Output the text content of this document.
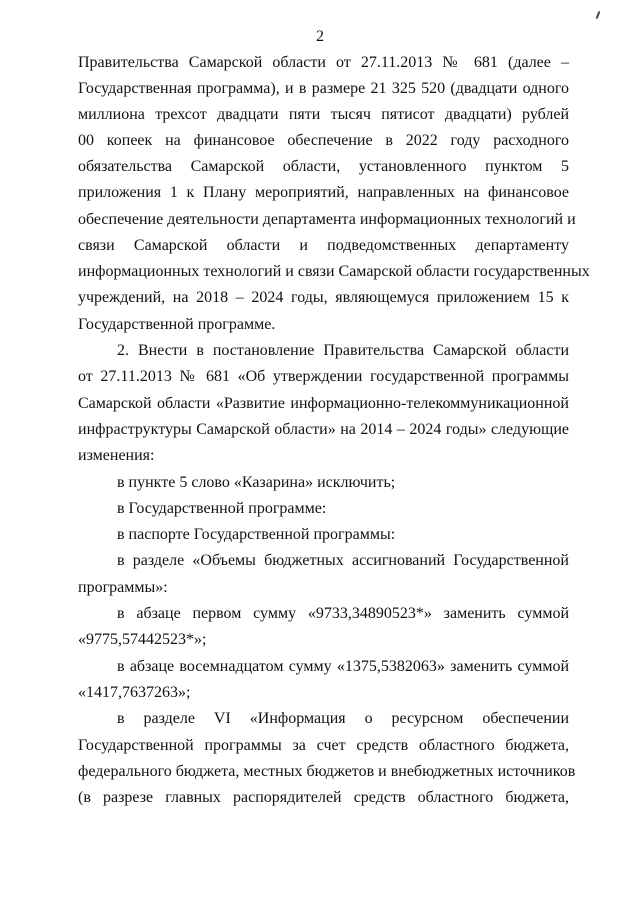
2
Правительства Самарской области от 27.11.2013 № 681 (далее –
Государственная программа), и в размере 21 325 520 (двадцати одного
миллиона трехсот двадцати пяти тысяч пятисот двадцати) рублей
00 копеек на финансовое обеспечение в 2022 году расходного
обязательства Самарской области, установленного пунктом 5
приложения 1 к Плану мероприятий, направленных на финансовое
обеспечение деятельности департамента информационных технологий и
связи Самарской области и подведомственных департаменту
информационных технологий и связи Самарской области государственных
учреждений, на 2018 – 2024 годы, являющемуся приложением 15 к
Государственной программе.
2. Внести в постановление Правительства Самарской области
от 27.11.2013 № 681 «Об утверждении государственной программы
Самарской области «Развитие информационно-телекоммуникационной
инфраструктуры Самарской области» на 2014 – 2024 годы» следующие
изменения:
в пункте 5 слово «Казарина» исключить;
в Государственной программе:
в паспорте Государственной программы:
в разделе «Объемы бюджетных ассигнований Государственной
программы»:
в абзаце первом сумму «9733,34890523*» заменить суммой
«9775,57442523*»;
в абзаце восемнадцатом сумму «1375,5382063» заменить суммой
«1417,7637263»;
в разделе VI «Информация о ресурсном обеспечении
Государственной программы за счет средств областного бюджета,
федерального бюджета, местных бюджетов и внебюджетных источников
(в разрезе главных распорядителей средств областного бюджета,
